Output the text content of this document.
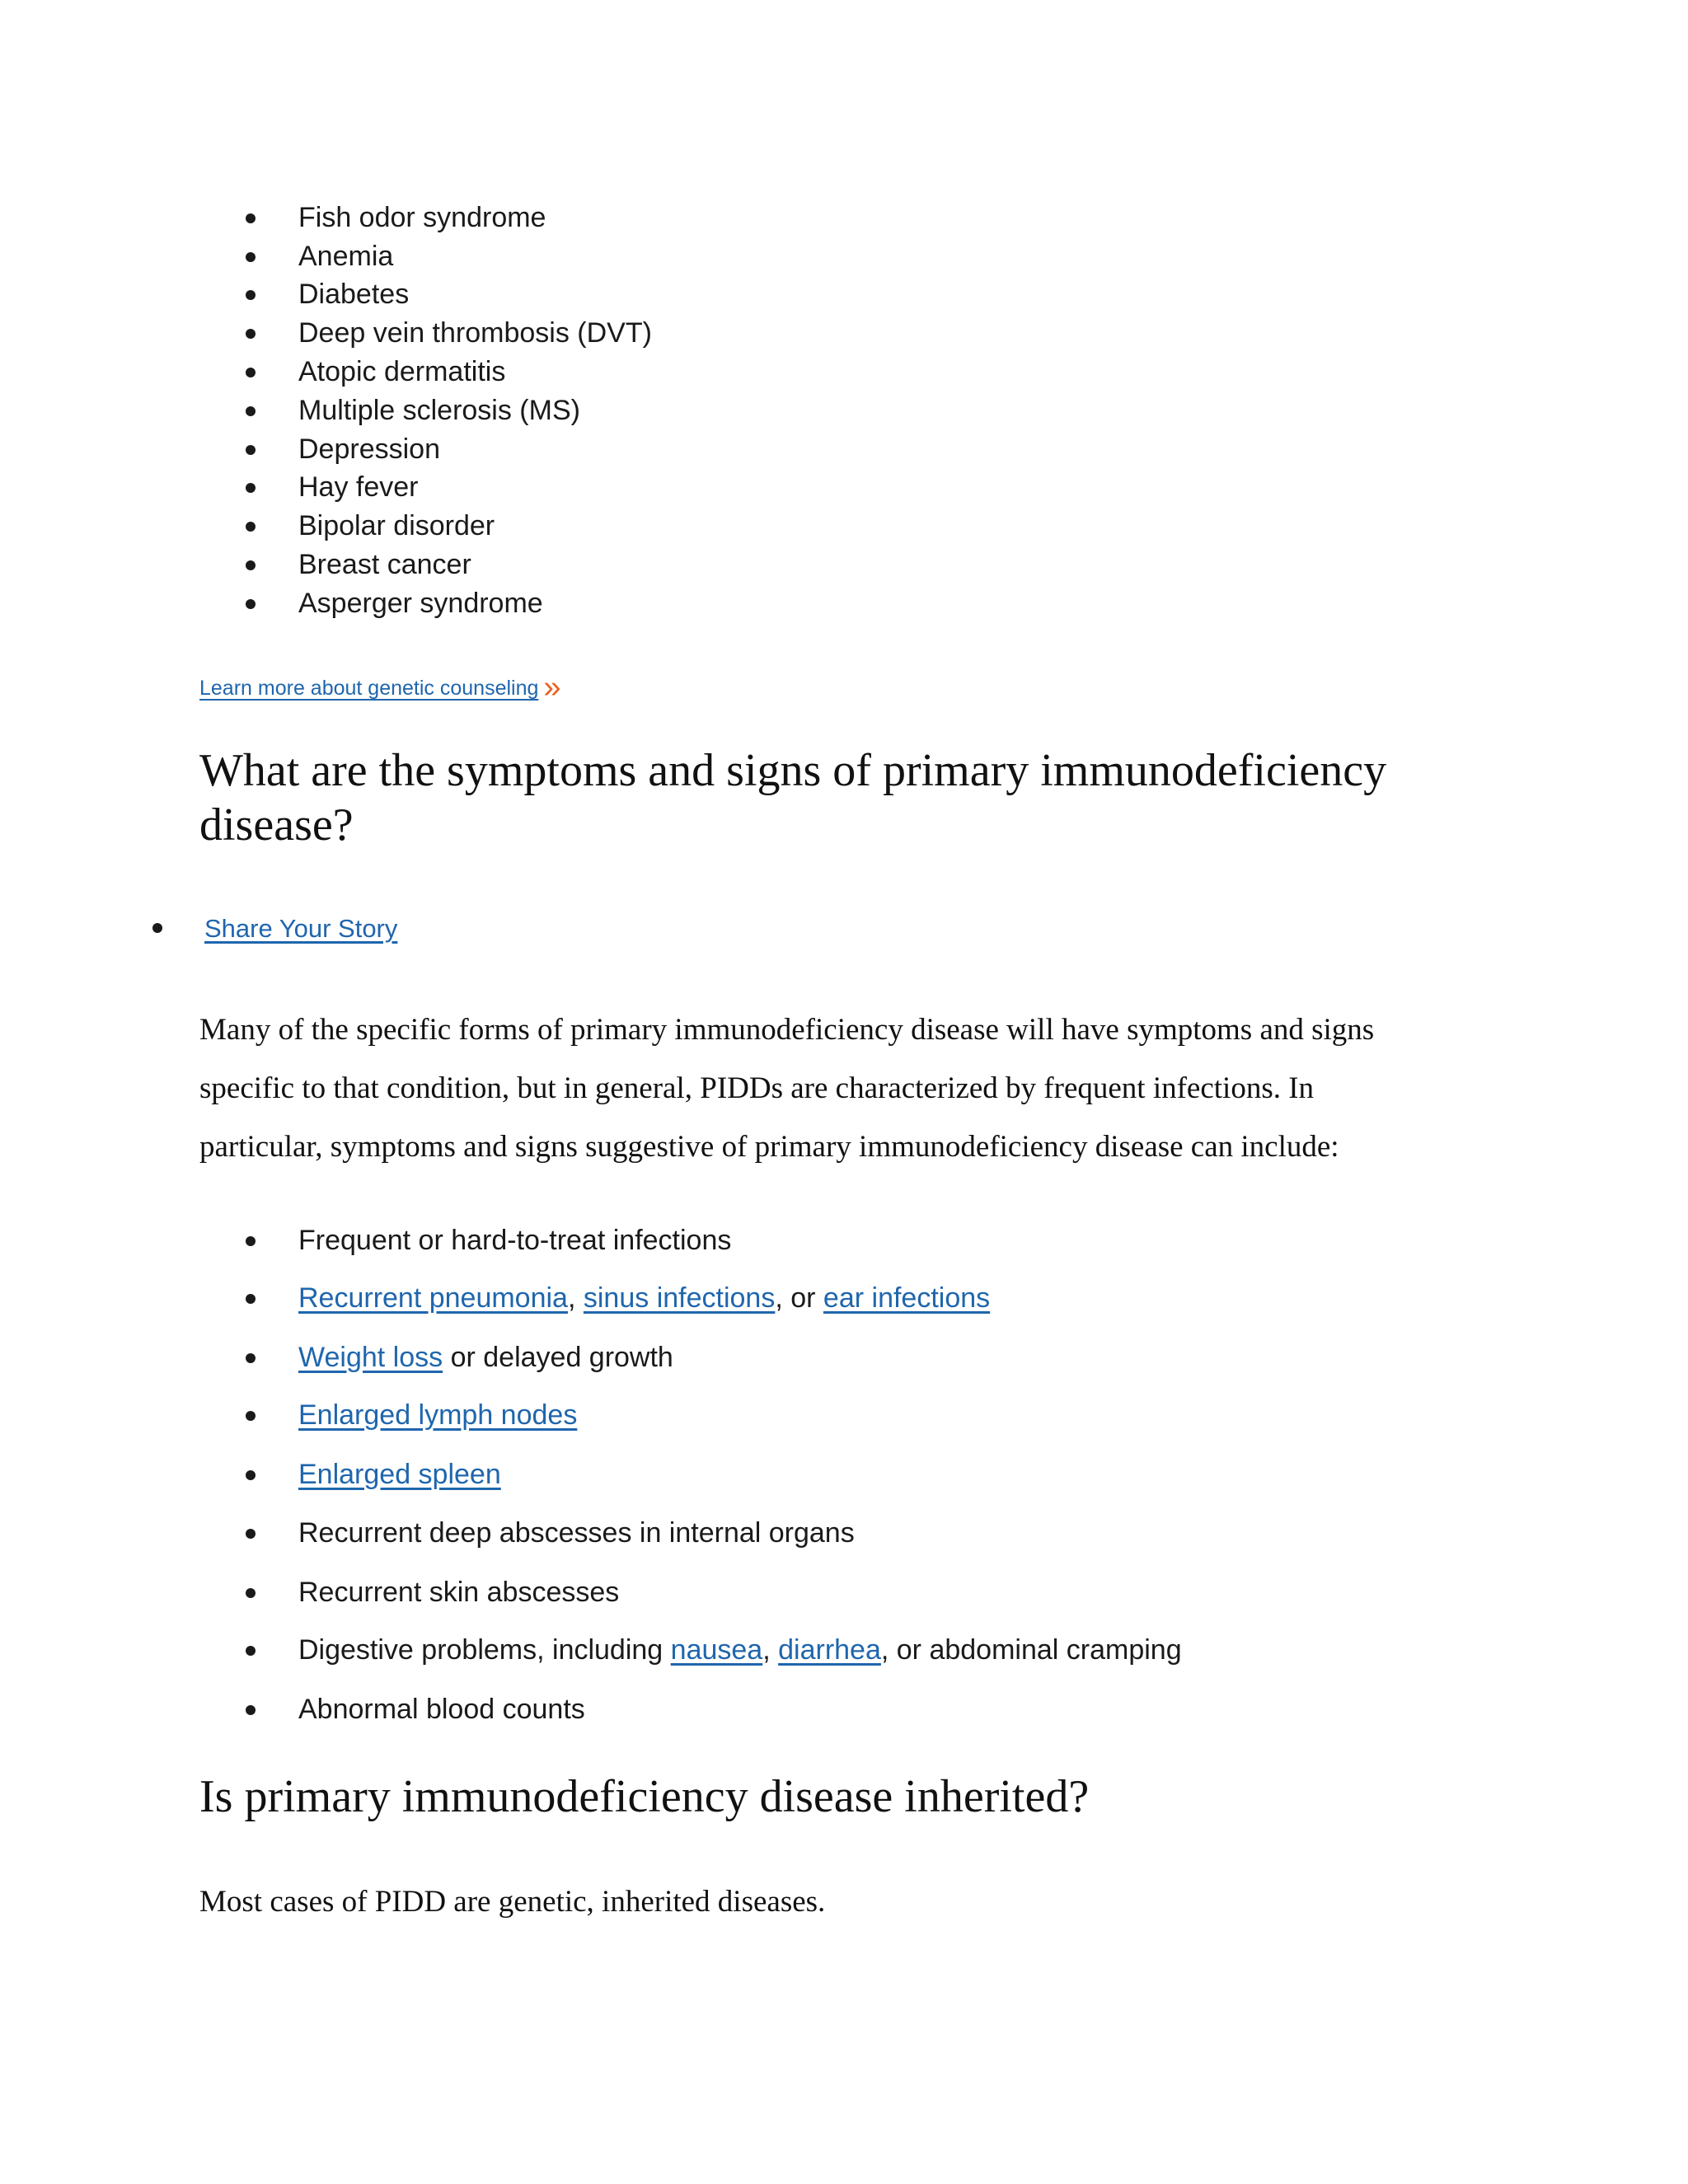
Fish odor syndrome
Anemia
Diabetes
Deep vein thrombosis (DVT)
Atopic dermatitis
Multiple sclerosis (MS)
Depression
Hay fever
Bipolar disorder
Breast cancer
Asperger syndrome
Learn more about genetic counseling »
What are the symptoms and signs of primary immunodeficiency disease?
Share Your Story

Many of the specific forms of primary immunodeficiency disease will have symptoms and signs
specific to that condition, but in general, PIDDs are characterized by frequent infections. In
particular, symptoms and signs suggestive of primary immunodeficiency disease can include:

Frequent or hard-to-treat infections
Recurrent pneumonia, sinus infections, or ear infections
Weight loss or delayed growth
Enlarged lymph nodes
Enlarged spleen
Recurrent deep abscesses in internal organs
Recurrent skin abscesses
Digestive problems, including nausea, diarrhea, or abdominal cramping
Abnormal blood counts
Is primary immunodeficiency disease inherited?

Most cases of PIDD are genetic, inherited diseases.
